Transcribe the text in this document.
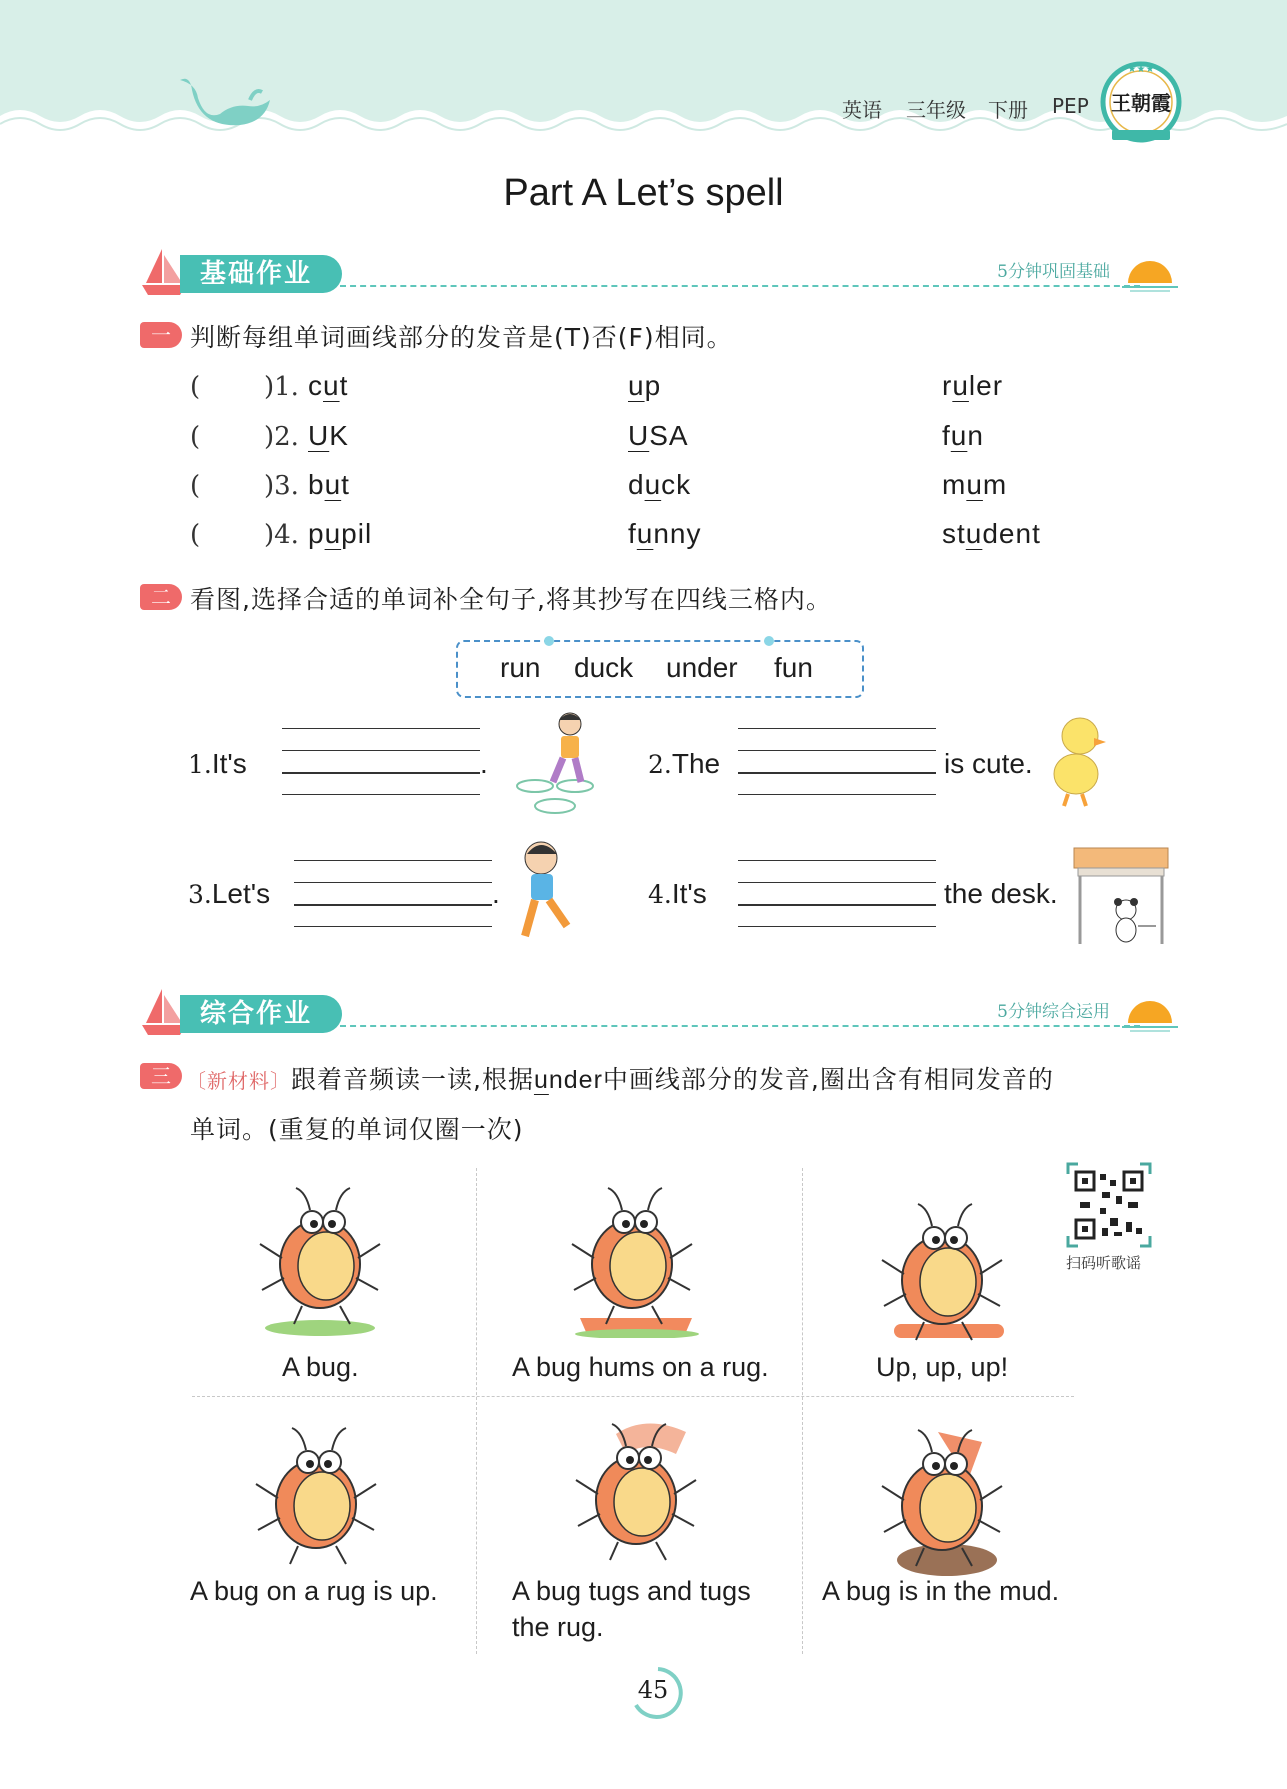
英语 三年级 下册 PEP 王朝霞
★★★
Part A Let’s spell
基础作业	5分钟巩固基础
一 判断每组单词画线部分的发音是(T)否(F)相同。
( )1. cut	up	ruler
( )2. UK	USA	fun
( )3. but	duck	mum
( )4. pupil	funny	student
二 看图,选择合适的单词补全句子,将其抄写在四线三格内。
run duck under fun
1.It's	.	2.The	is cute.
3.Let's	.	4.It's	the desk.
综合作业	5分钟综合运用
三 〔新材料〕跟着音频读一读,根据under中画线部分的发音,圈出含有相同发音的
单词。(重复的单词仅圈一次)
扫码听歌谣
A bug.	A bug hums on a rug.	Up, up, up!
A bug on a rug is up.	A bug tugs and tugs
the rug.
A bug is in the mud.
45
